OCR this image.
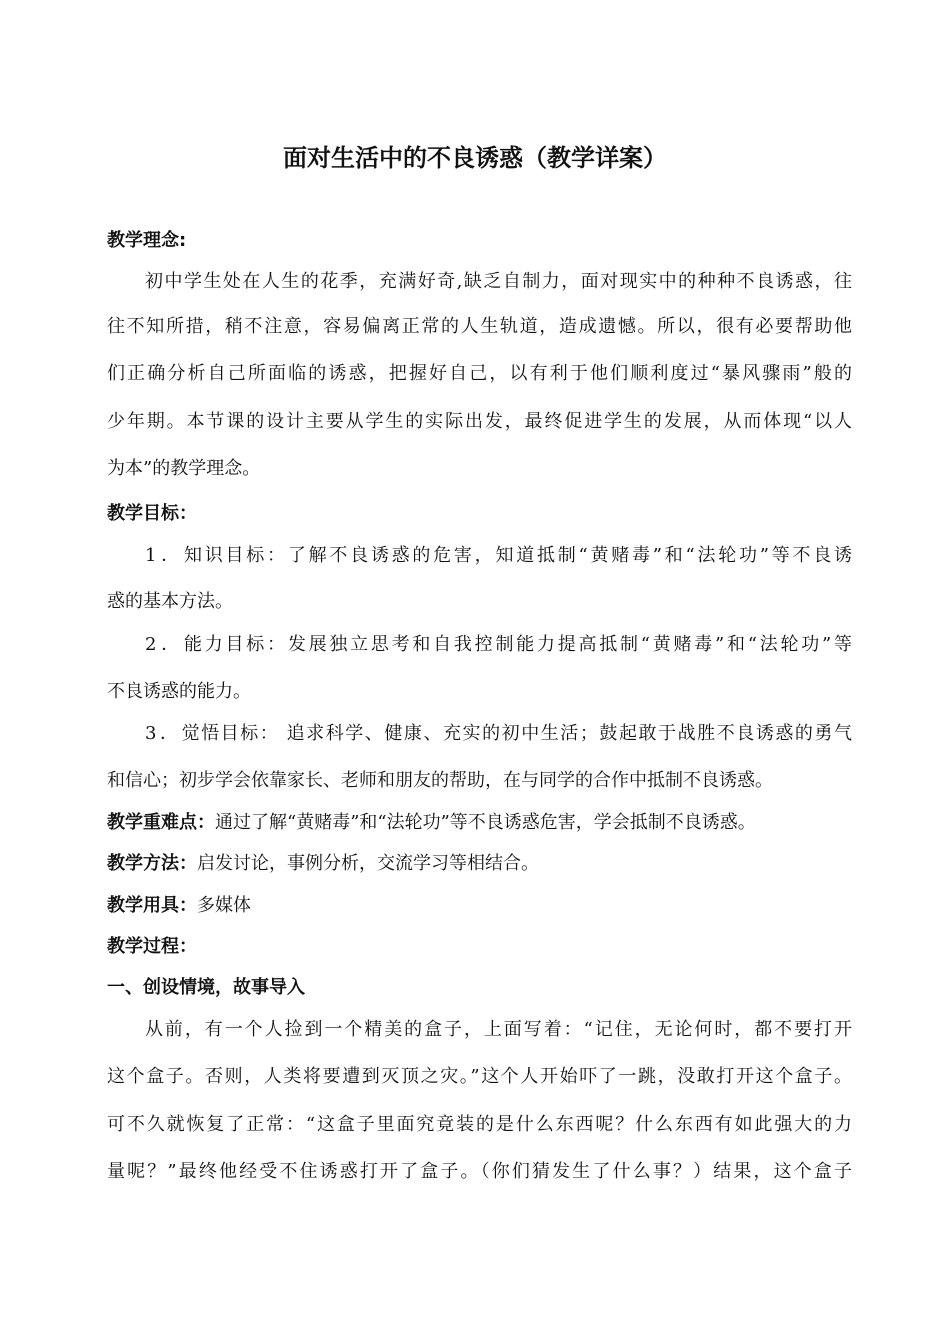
面对生活中的不良诱惑（教学详案）
教学理念:
初中学生处在人生的花季，充满好奇,缺乏自制力，面对现实中的种种不良诱惑，往
往不知所措，稍不注意，容易偏离正常的人生轨道，造成遗憾。所以，很有必要帮助他
们正确分析自己所面临的诱惑，把握好自己，以有利于他们顺利度过“暴风骤雨”般的
少年期。本节课的设计主要从学生的实际出发，最终促进学生的发展，从而体现“以人
为本”的教学理念。
教学目标：
1．知识目标：了解不良诱惑的危害，知道抵制“黄赌毒”和“法轮功”等不良诱
惑的基本方法。
2．能力目标：发展独立思考和自我控制能力提高抵制“黄赌毒”和“法轮功”等
不良诱惑的能力。
3．觉悟目标： 追求科学、健康、充实的初中生活；鼓起敢于战胜不良诱惑的勇气
和信心；初步学会依靠家长、老师和朋友的帮助，在与同学的合作中抵制不良诱惑。
教学重难点：通过了解“黄赌毒”和“法轮功”等不良诱惑危害，学会抵制不良诱惑。
教学方法：启发讨论，事例分析，交流学习等相结合。
教学用具：多媒体
教学过程：
一、创设情境，故事导入
从前，有一个人捡到一个精美的盒子，上面写着：“记住，无论何时，都不要打开
这个盒子。否则，人类将要遭到灭顶之灾。”这个人开始吓了一跳，没敢打开这个盒子。
可不久就恢复了正常：“这盒子里面究竟装的是什么东西呢？什么东西有如此强大的力
量呢？”最终他经受不住诱惑打开了盒子。（你们猜发生了什么事？）结果，这个盒子
